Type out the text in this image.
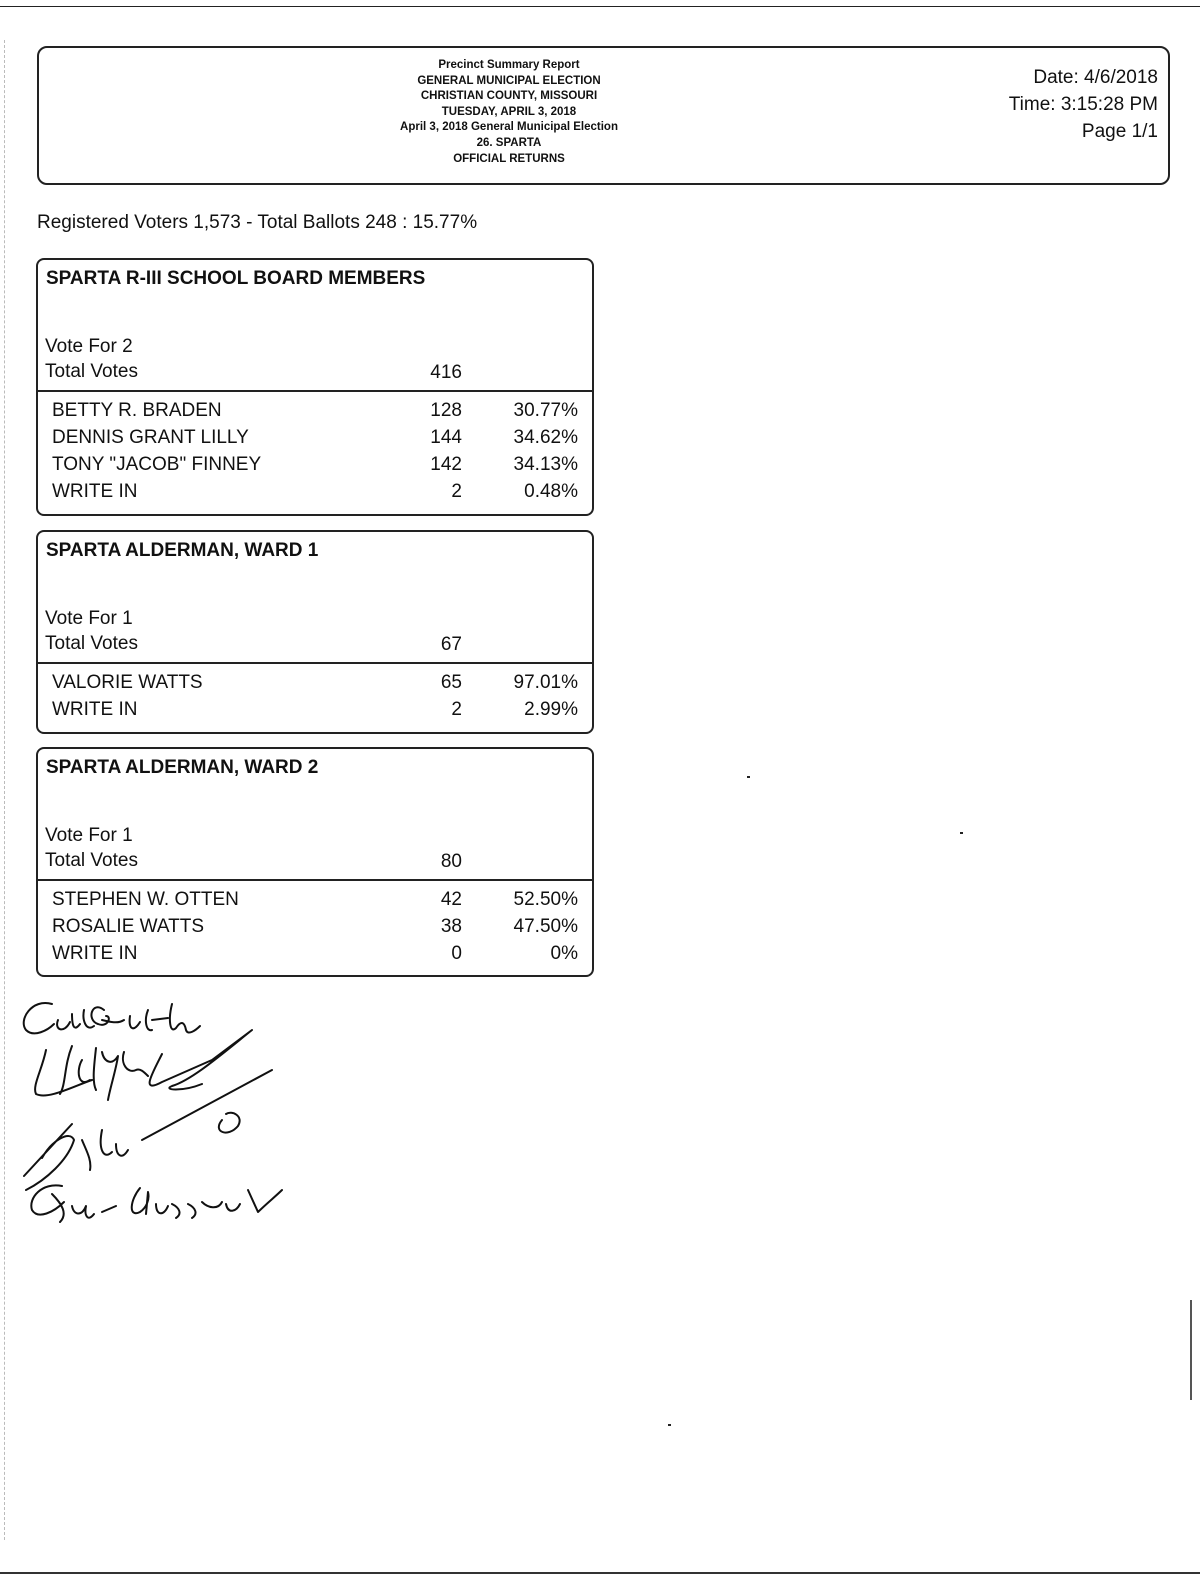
Precinct Summary Report
GENERAL MUNICIPAL ELECTION
CHRISTIAN COUNTY, MISSOURI
TUESDAY, APRIL 3, 2018
April 3, 2018 General Municipal Election
26. SPARTA
OFFICIAL RETURNS
Date: 4/6/2018
Time: 3:15:28 PM
Page 1/1
Registered Voters 1,573 - Total Ballots 248 : 15.77%
SPARTA R-III SCHOOL BOARD MEMBERS
Vote For 2
Total Votes	416
BETTY R. BRADEN	128	30.77%
DENNIS GRANT LILLY	144	34.62%
TONY "JACOB" FINNEY	142	34.13%
WRITE IN	2	0.48%
SPARTA ALDERMAN, WARD 1
Vote For 1
Total Votes	67
VALORIE WATTS	65	97.01%
WRITE IN	2	2.99%
SPARTA ALDERMAN, WARD 2
Vote For 1
Total Votes	80
STEPHEN W. OTTEN	42	52.50%
ROSALIE WATTS	38	47.50%
WRITE IN	0	0%
